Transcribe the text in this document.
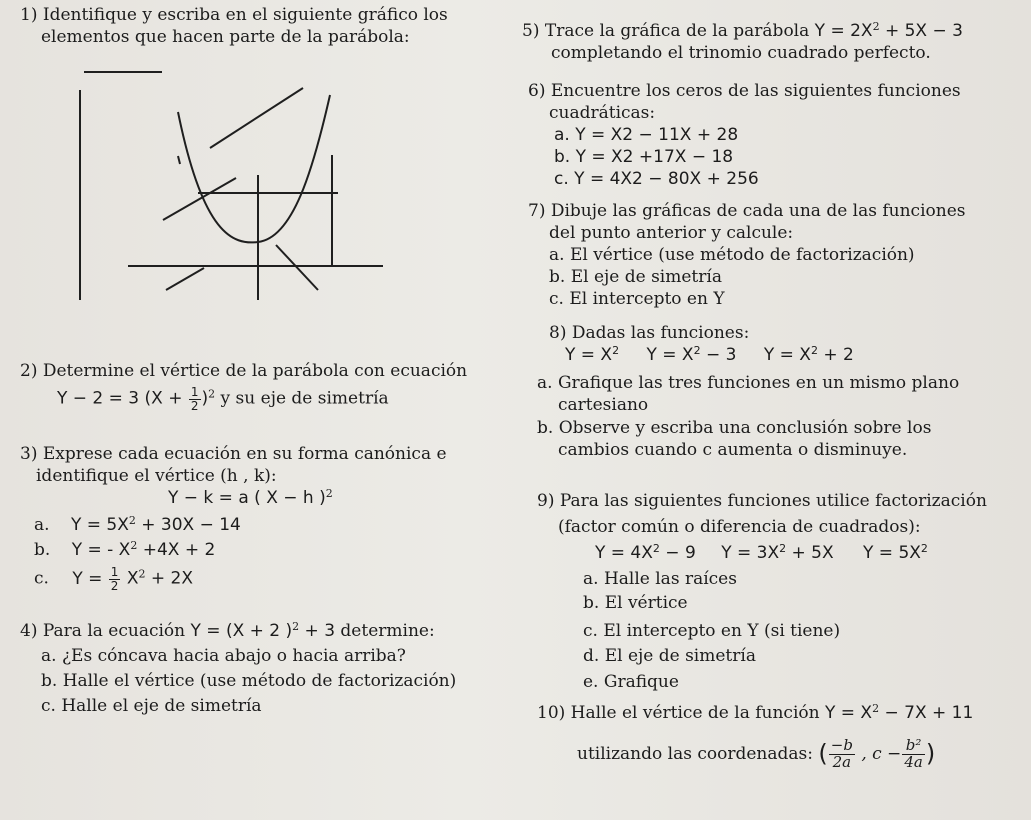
1) Identifique y escriba en el siguiente gráfico los
elementos que hacen parte de la parábola:
2) Determine el vértice de la parábola con ecuación
Y − 2 = 3 $(X + \frac{1}{2} )^2$ y su eje de simetría
3) Exprese cada ecuación en su forma canónica e
identifique el vértice (h , k):
Y − k = a ( X − h )$^2$
a. $Y = 5X^2 + 30X - 14$
b. Y = - $X^2 +4X + 2$
c. $Y = \frac{1}{2} X^2 + 2X$
4) Para la ecuación Y = (X + 2 )$^2$ + 3 determine:
a. ¿Es cóncava hacia abajo o hacia arriba?
b. Halle el vértice (use método de factorización)
c. Halle el eje de simetría
5) Trace la gráfica de la parábola $Y = 2X^2 + 5X - 3$
completando el trinomio cuadrado perfecto.
6) Encuentre los ceros de las siguientes funciones
cuadráticas:
a. Y = X2 − 11X + 28
b. Y = X2 +17X − 18
c. Y = 4X2 − 80X + 256
7) Dibuje las gráficas de cada una de las funciones
del punto anterior y calcule:
a. El vértice (use método de factorización)
b. El eje de simetría
c. El intercepto en Y
8) Dadas las funciones:
$Y = X^2$ $Y = X^2 - 3$ $Y = X^2 + 2$
a. Grafique las tres funciones en un mismo plano
cartesiano
b. Observe y escriba una conclusión sobre los
cambios cuando c aumenta o disminuye.
9) Para las siguientes funciones utilice factorización
(factor común o diferencia de cuadrados):
$Y = 4X^2 - 9$ $Y = 3X^2 + 5X$ $Y = 5X^2$
a. Halle las raíces
b. El vértice
c. El intercepto en Y (si tiene)
d. El eje de simetría
e. Grafique
10) Halle el vértice de la función $Y = X^2 - 7X + 11$
utilizando las coordenadas: ( $\frac{-b}{2a}$ , $c - \frac{\text{b²}}{4a}$ )
